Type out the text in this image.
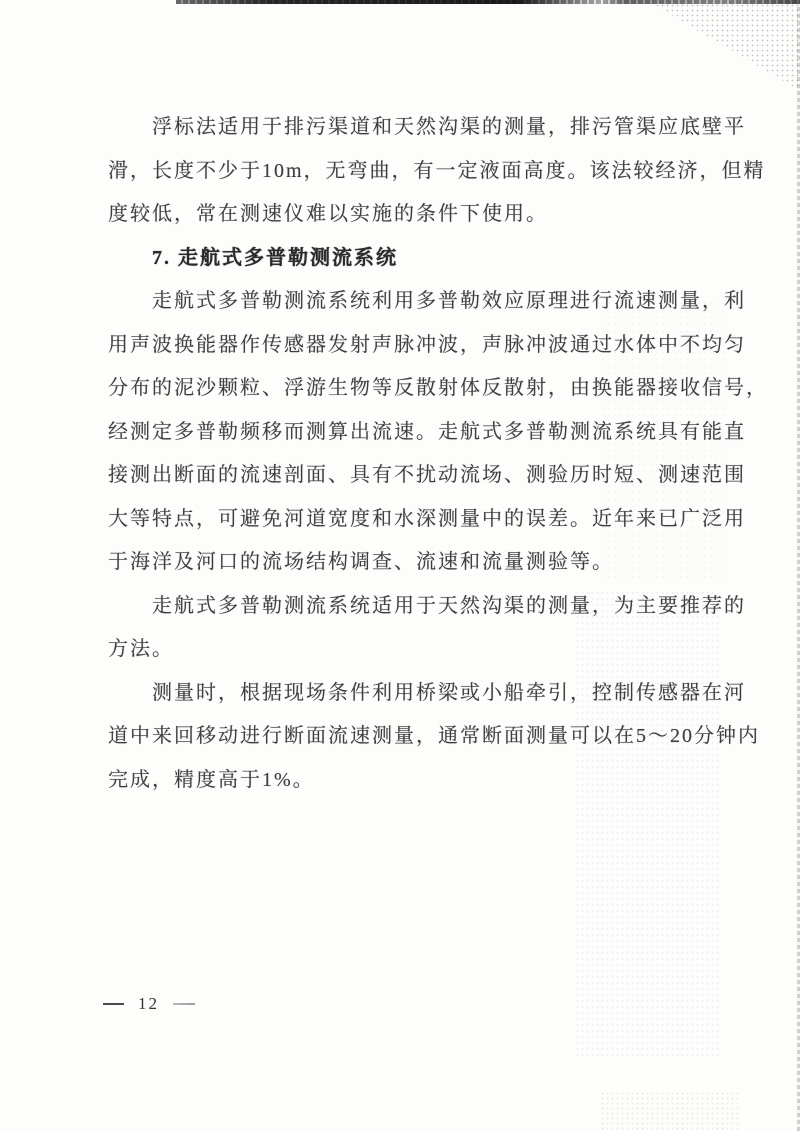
浮标法适用于排污渠道和天然沟渠的测量，排污管渠应底壁平
滑，长度不少于10m，无弯曲，有一定液面高度。该法较经济，但精
度较低，常在测速仪难以实施的条件下使用。
7. 走航式多普勒测流系统
走航式多普勒测流系统利用多普勒效应原理进行流速测量，利
用声波换能器作传感器发射声脉冲波，声脉冲波通过水体中不均匀
分布的泥沙颗粒、浮游生物等反散射体反散射，由换能器接收信号，
经测定多普勒频移而测算出流速。走航式多普勒测流系统具有能直
接测出断面的流速剖面、具有不扰动流场、测验历时短、测速范围
大等特点，可避免河道宽度和水深测量中的误差。近年来已广泛用
于海洋及河口的流场结构调查、流速和流量测验等。
走航式多普勒测流系统适用于天然沟渠的测量，为主要推荐的
方法。
测量时，根据现场条件利用桥梁或小船牵引，控制传感器在河
道中来回移动进行断面流速测量，通常断面测量可以在5～20分钟内
完成，精度高于1%。
12
